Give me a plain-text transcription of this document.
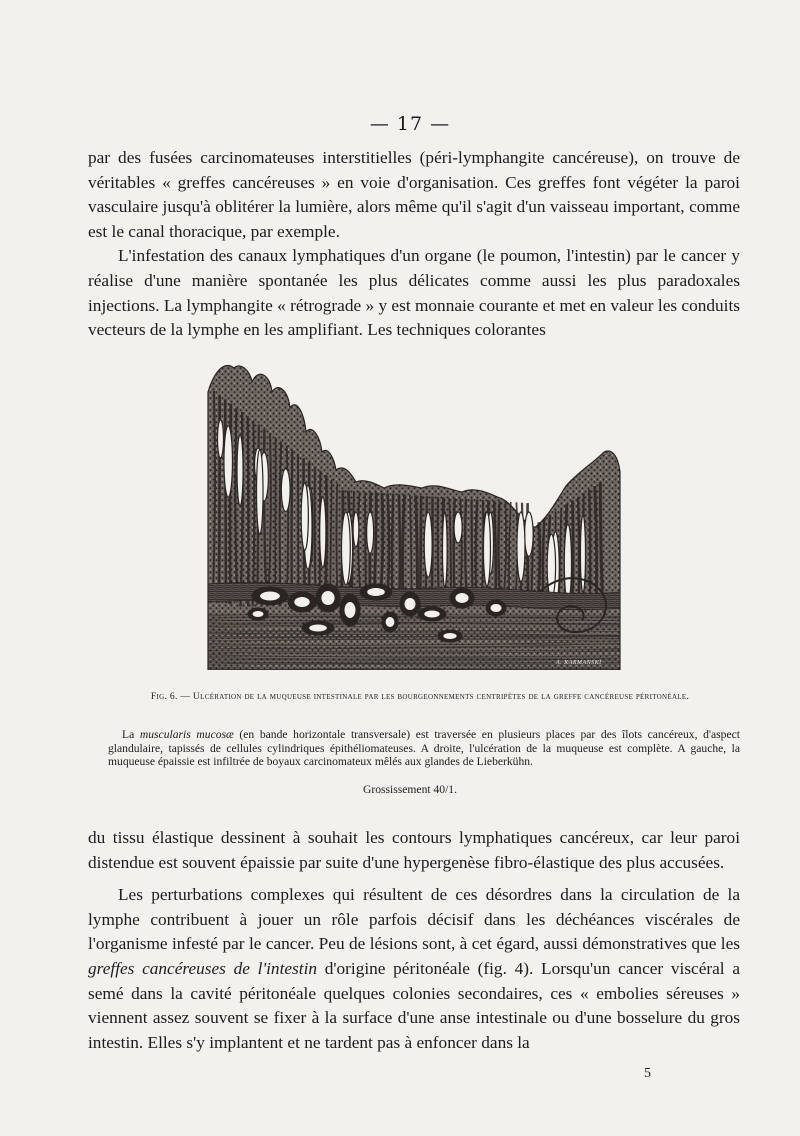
— 17 —

par des fusées carcinomateuses interstitielles (péri-lymphangite cancéreuse), on trouve de véritables « greffes cancéreuses » en voie d'organisation. Ces greffes font végéter la paroi vasculaire jusqu'à oblitérer la lumière, alors même qu'il s'agit d'un vaisseau important, comme est le canal thoracique, par exemple.

L'infestation des canaux lymphatiques d'un organe (le poumon, l'intestin) par le cancer y réalise d'une manière spontanée les plus délicates comme aussi les plus paradoxales injections. La lymphangite « rétrograde » y est monnaie courante et met en valeur les conduits vecteurs de la lymphe en les amplifiant. Les techniques colorantes

A. KARMANSKI
Fig. 6. — Ulcération de la muqueuse intestinale par les bourgeonnements centripètes de la greffe cancéreuse péritonéale.

La muscularis mucosæ (en bande horizontale transversale) est traversée en plusieurs places par des îlots cancéreux, d'aspect glandulaire, tapissés de cellules cylindriques épithéliomateuses. A droite, l'ulcération de la muqueuse est complète. A gauche, la muqueuse épaissie est infiltrée de boyaux carcinomateux mêlés aux glandes de Lieberkühn.

Grossissement 40/1.

du tissu élastique dessinent à souhait les contours lymphatiques cancéreux, car leur paroi distendue est souvent épaissie par suite d'une hypergenèse fibro-élastique des plus accusées.

Les perturbations complexes qui résultent de ces désordres dans la circulation de la lymphe contribuent à jouer un rôle parfois décisif dans les déchéances viscérales de l'organisme infesté par le cancer. Peu de lésions sont, à cet égard, aussi démonstratives que les greffes cancéreuses de l'intestin d'origine péritonéale (fig. 4). Lorsqu'un cancer viscéral a semé dans la cavité péritonéale quelques colonies secondaires, ces « embolies séreuses » viennent assez souvent se fixer à la surface d'une anse intestinale ou d'une bosselure du gros intestin. Elles s'y implantent et ne tardent pas à enfoncer dans la

5
